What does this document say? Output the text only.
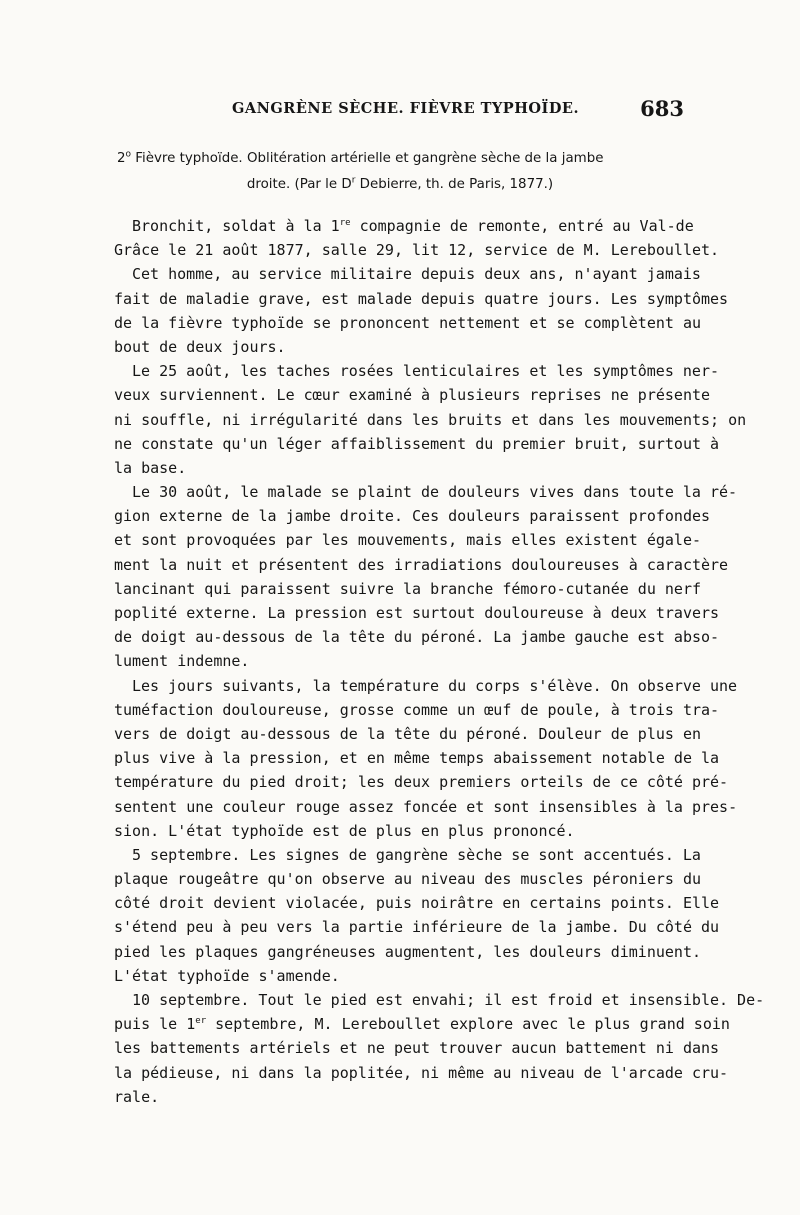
GANGRÈNE SÈCHE. FIÈVRE TYPHOÏDE.	683
2$^o$ Fièvre typhoïde. Oblitération artérielle et gangrène sèche de la jambe
droite. (Par le $D^r$ Debierre, th. de Paris, 1877.)
Bronchit, soldat à la 1re compagnie de remonte, entré au Val-de
Grâce le 21 août 1877, salle 29, lit 12, service de M. Lereboullet.
Cet homme, au service militaire depuis deux ans, n'ayant jamais
fait de maladie grave, est malade depuis quatre jours. Les symptômes
de la fièvre typhoïde se prononcent nettement et se complètent au
bout de deux jours.
Le 25 août, les taches rosées lenticulaires et les symptômes ner-
veux surviennent. Le cœur examiné à plusieurs reprises ne présente
ni souffle, ni irrégularité dans les bruits et dans les mouvements; on
ne constate qu'un léger affaiblissement du premier bruit, surtout à
la base.
Le 30 août, le malade se plaint de douleurs vives dans toute la ré-
gion externe de la jambe droite. Ces douleurs paraissent profondes
et sont provoquées par les mouvements, mais elles existent égale-
ment la nuit et présentent des irradiations douloureuses à caractère
lancinant qui paraissent suivre la branche fémoro-cutanée du nerf
poplité externe. La pression est surtout douloureuse à deux travers
de doigt au-dessous de la tête du péroné. La jambe gauche est abso-
lument indemne.
Les jours suivants, la température du corps s'élève. On observe une
tuméfaction douloureuse, grosse comme un œuf de poule, à trois tra-
vers de doigt au-dessous de la tête du péroné. Douleur de plus en
plus vive à la pression, et en même temps abaissement notable de la
température du pied droit; les deux premiers orteils de ce côté pré-
sentent une couleur rouge assez foncée et sont insensibles à la pres-
sion. L'état typhoïde est de plus en plus prononcé.
5 septembre. Les signes de gangrène sèche se sont accentués. La
plaque rougeâtre qu'on observe au niveau des muscles péroniers du
côté droit devient violacée, puis noirâtre en certains points. Elle
s'étend peu à peu vers la partie inférieure de la jambe. Du côté du
pied les plaques gangréneuses augmentent, les douleurs diminuent.
L'état typhoïde s'amende.
10 septembre. Tout le pied est envahi; il est froid et insensible. De-
puis le 1er septembre, M. Lereboullet explore avec le plus grand soin
les battements artériels et ne peut trouver aucun battement ni dans
la pédieuse, ni dans la poplitée, ni même au niveau de l'arcade cru-
rale.
